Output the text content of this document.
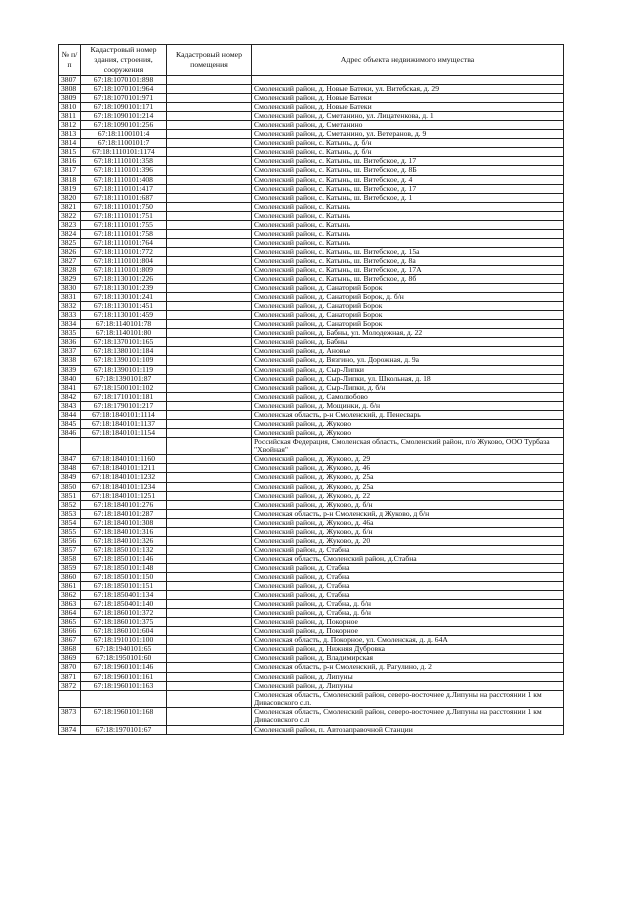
№ п/п	Кадастровый номер здания, строения, сооружения	Кадастровый номер помещения	Адрес объекта недвижимого имущества
3807	67:18:1070101:898		
3808	67:18:1070101:964		Смоленский район, д. Новые Батеки, ул. Витебская, д. 29
3809	67:18:1070101:971		Смоленский район, д. Новые Батеки
3810	67:18:1090101:171		Смоленский район, д. Новые Батеки
3811	67:18:1090101:214		Смоленский район, д. Сметанино, ул. Лицатенкова, д. 1
3812	67:18:1090101:256		Смоленский район, д. Сметанино
3813	67:18:1100101:4		Смоленский район, д. Сметанино, ул. Ветеранов, д. 9
3814	67:18:1100101:7		Смоленский район, с. Катынь, д. б/н
3815	67:18:1110101:1174		Смоленский район, с. Катынь, д. б/н
3816	67:18:1110101:358		Смоленский район, с. Катынь, ш. Витебское, д. 17
3817	67:18:1110101:396		Смоленский район, с. Катынь, ш. Витебское, д. 8Б
3818	67:18:1110101:408		Смоленский район, с. Катынь, ш. Витебское, д. 4
3819	67:18:1110101:417		Смоленский район, с. Катынь, ш. Витебское, д. 17
3820	67:18:1110101:687		Смоленский район, с. Катынь, ш. Витебское, д. 1
3821	67:18:1110101:750		Смоленский район, с. Катынь
3822	67:18:1110101:751		Смоленский район, с. Катынь
3823	67:18:1110101:755		Смоленский район, с. Катынь
3824	67:18:1110101:758		Смоленский район, с. Катынь
3825	67:18:1110101:764		Смоленский район, с. Катынь
3826	67:18:1110101:772		Смоленский район, с. Катынь, ш. Витебское, д. 15а
3827	67:18:1110101:804		Смоленский район, с. Катынь, ш. Витебское, д. 8а
3828	67:18:1110101:809		Смоленский район, с. Катынь, ш. Витебское, д. 17А
3829	67:18:1130101:226		Смоленский район, с. Катынь, ш. Витебское, д. 8б
3830	67:18:1130101:239		Смоленский район, д. Санаторий Борок
3831	67:18:1130101:241		Смоленский район, д. Санаторий Борок, д. б/н
3832	67:18:1130101:451		Смоленский район, д. Санаторий Борок
3833	67:18:1130101:459		Смоленский район, д. Санаторий Борок
3834	67:18:1140101:78		Смоленский район, д. Санаторий Борок
3835	67:18:1140101:80		Смоленский район, д. Бабны, ул. Молодежная, д. 22
3836	67:18:1370101:165		Смоленский район, д. Бабны
3837	67:18:1380101:184		Смоленский район, д. Ановье
3838	67:18:1390101:109		Смоленский район, д. Вязгино, ул. Дорожная, д. 9а
3839	67:18:1390101:119		Смоленский район, д. Сыр-Липки
3840	67:18:1390101:87		Смоленский район, д. Сыр-Липки, ул. Школьная, д. 18
3841	67:18:1500101:102		Смоленский район, д. Сыр-Липки, д. б/н
3842	67:18:1710101:181		Смоленский район, д. Самолюбово
3843	67:18:1790101:217		Смоленский район, д. Мощинки, д. б/н
3844	67:18:1840101:1114		Смоленская область, р-н Смоленский, д. Пенесварь
3845	67:18:1840101:1137		Смоленский район, д. Жуково
3846	67:18:1840101:1154		Смоленский район, д. Жуково
			Российская Федерация, Смоленская область, Смоленский район, п/о Жуково, ООО Турбаза "Хвойная"
3847	67:18:1840101:1160		Смоленский район, д. Жуково, д. 29
3848	67:18:1840101:1211		Смоленский район, д. Жуково, д. 46
3849	67:18:1840101:1232		Смоленский район, д. Жуково, д. 25а
3850	67:18:1840101:1234		Смоленский район, д. Жуково, д. 25а
3851	67:18:1840101:1251		Смоленский район, д. Жуково, д. 22
3852	67:18:1840101:276		Смоленский район, д. Жуково, д. б/н
3853	67:18:1840101:287		Смоленская область, р-н Смоленский, д Жуково, д б/н
3854	67:18:1840101:308		Смоленский район, д. Жуково, д. 46а
3855	67:18:1840101:316		Смоленский район, д. Жуково, д. б/н
3856	67:18:1840101:326		Смоленский район, д. Жуково, д. 20
3857	67:18:1850101:132		Смоленский район, д. Стабна
3858	67:18:1850101:146		Смоленская область, Смоленский район, д.Стабна
3859	67:18:1850101:148		Смоленский район, д. Стабна
3860	67:18:1850101:150		Смоленский район, д. Стабна
3861	67:18:1850101:151		Смоленский район, д. Стабна
3862	67:18:1850401:134		Смоленский район, д. Стабна
3863	67:18:1850401:140		Смоленский район, д. Стабна, д. б/н
3864	67:18:1860101:372		Смоленский район, д. Стабна, д. б/н
3865	67:18:1860101:375		Смоленский район, д. Покорное
3866	67:18:1860101:604		Смоленский район, д. Покорное
3867	67:18:1910101:100		Смоленская область, д. Покорное, ул. Смоленская, д. д. 64А
3868	67:18:1940101:65		Смоленский район, д. Нижняя Дубровка
3869	67:18:1950101:60		Смоленский район, д. Владимирская
3870	67:18:1960101:146		Смоленская область, р-н Смоленский, д. Рагулино, д. 2
3871	67:18:1960101:161		Смоленский район, д. Липуны
3872	67:18:1960101:163		Смоленский район, д. Липуны
			Смоленская область, Смоленский район, северо-восточнее д.Липуны на расстоянии 1 км Дивасовского с.п.
3873	67:18:1960101:168		Смоленская область, Смоленский район, северо-восточнее д.Липуны на расстоянии 1 км Дивасовского с.п
3874	67:18:1970101:67		Смоленский район, п. Автозаправочной Станции
